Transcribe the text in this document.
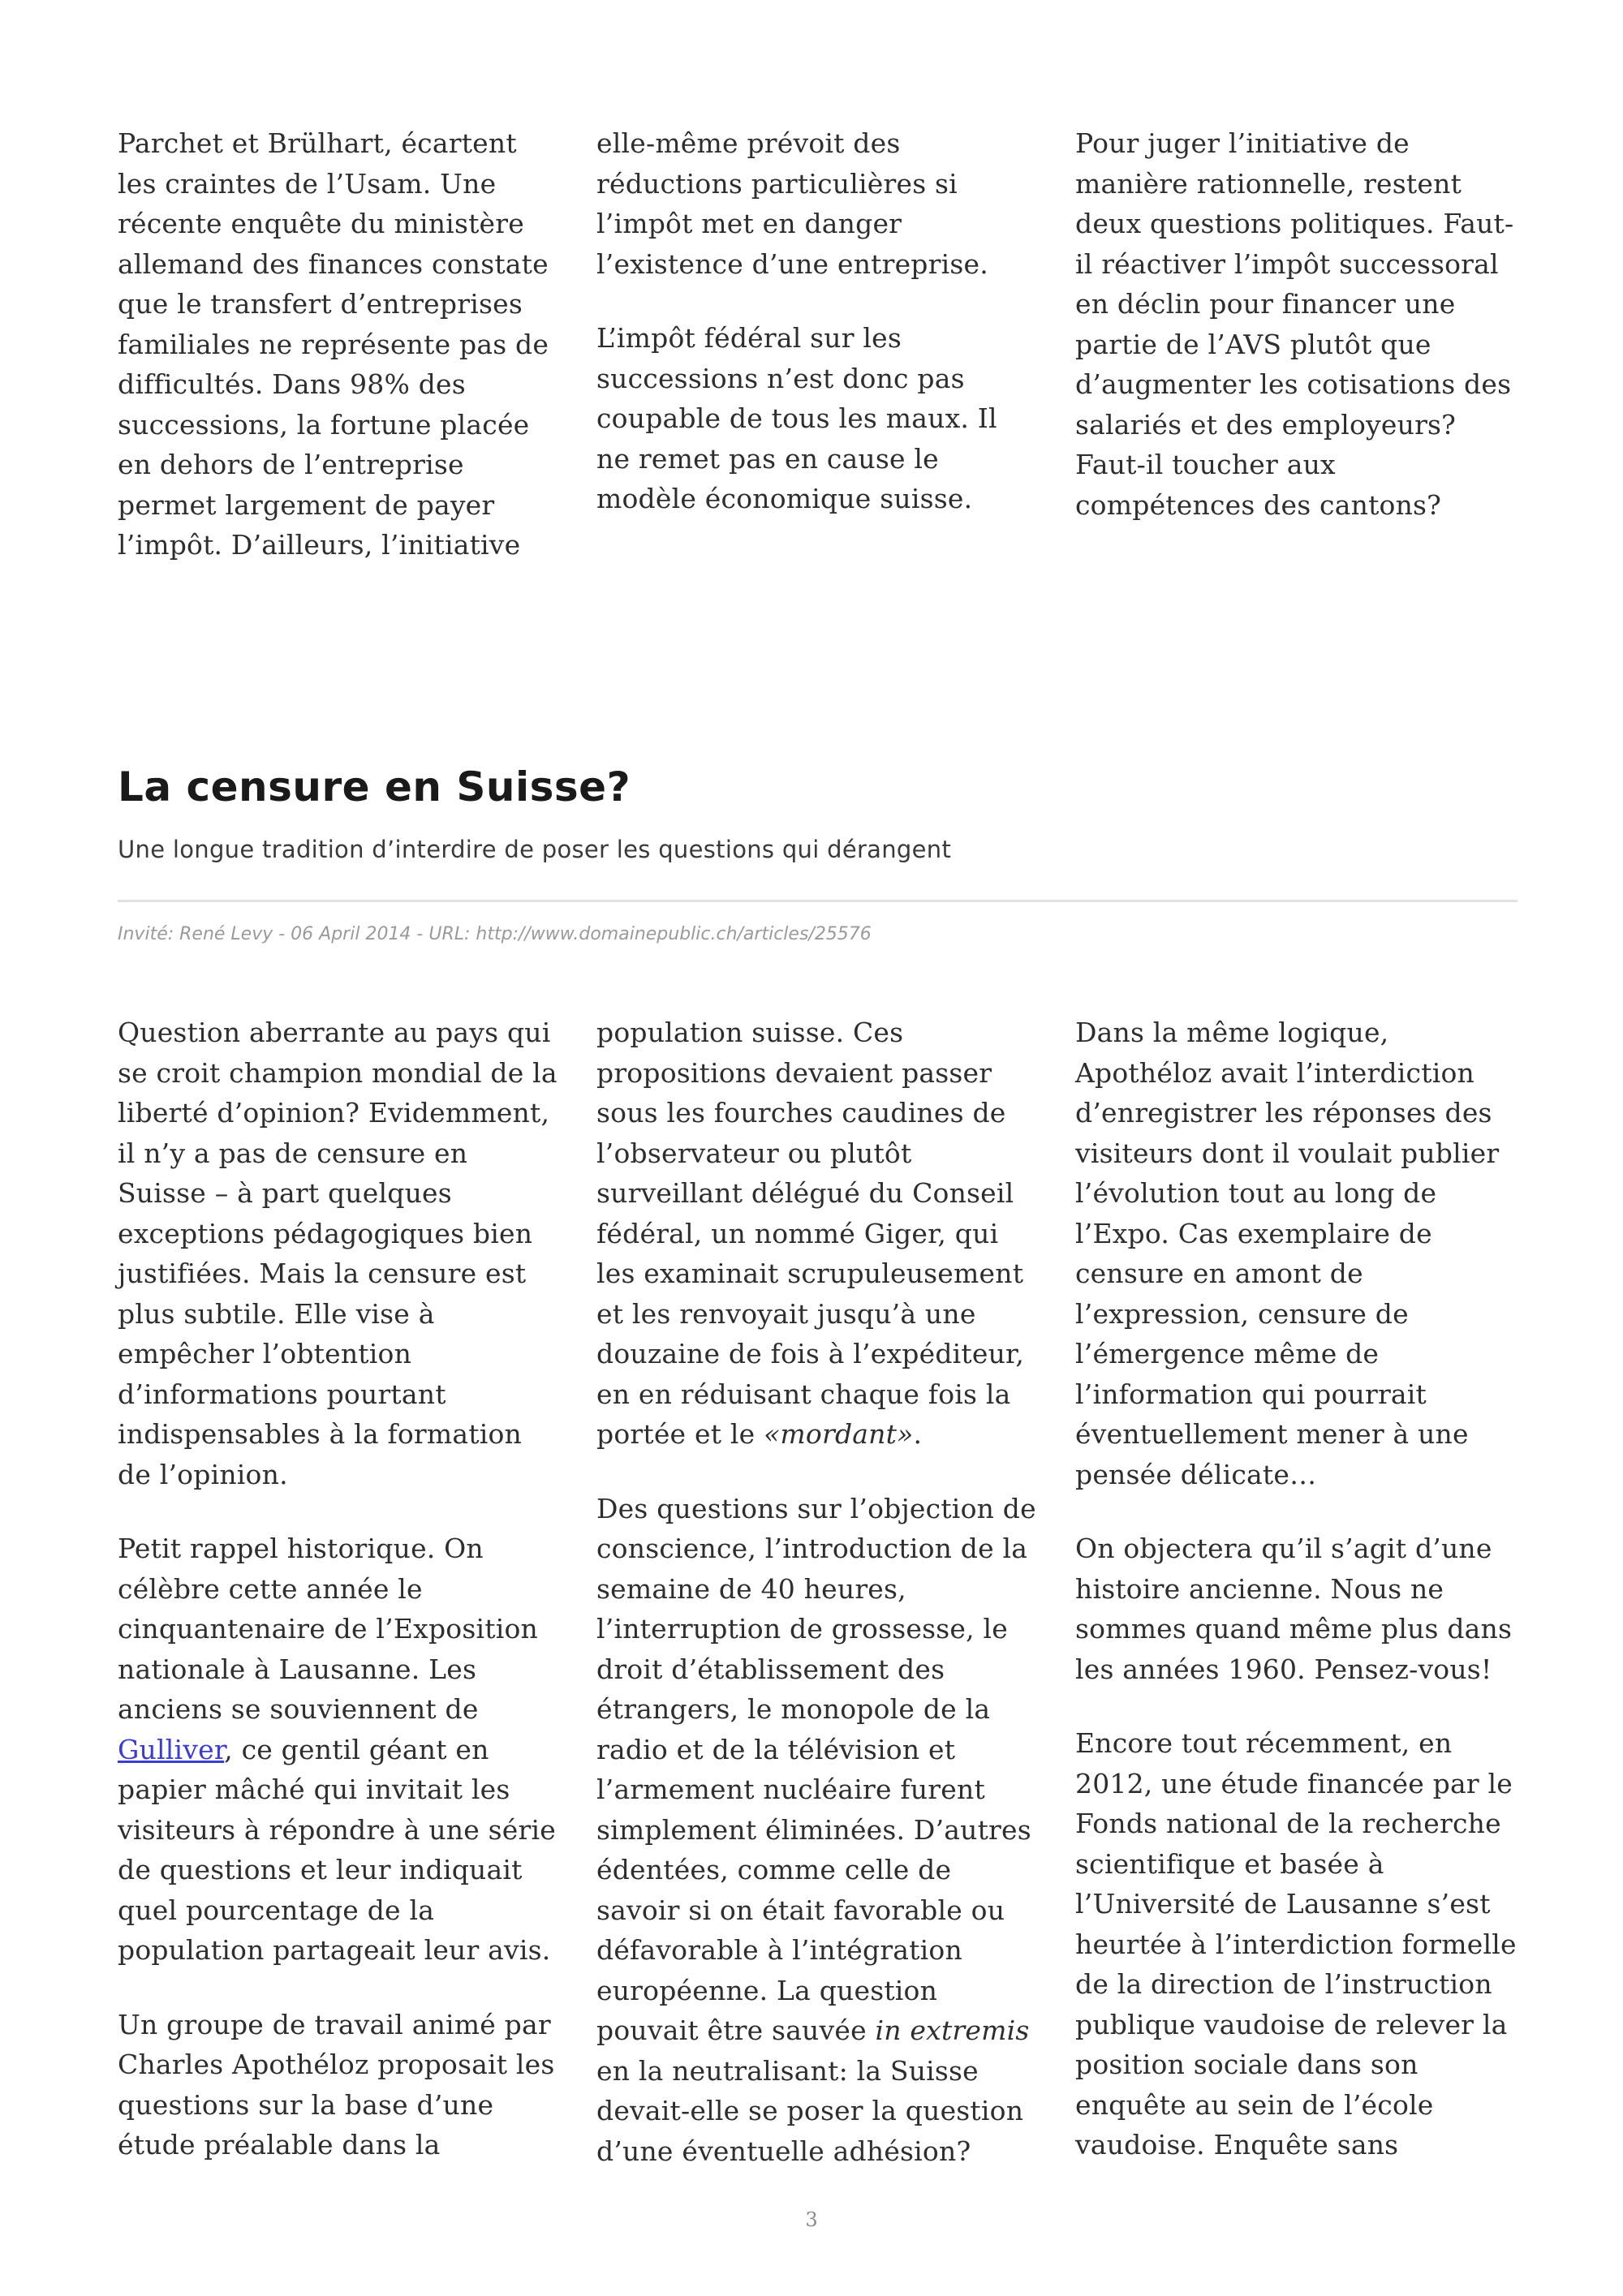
Parchet et Brülhart, écartent les craintes de l’Usam. Une récente enquête du ministère allemand des finances constate que le transfert d’entreprises familiales ne représente pas de difficultés. Dans 98% des successions, la fortune placée en dehors de l’entreprise permet largement de payer l’impôt. D’ailleurs, l’initiative

elle-même prévoit des réductions particulières si l’impôt met en danger l’existence d’une entreprise.

L’impôt fédéral sur les successions n’est donc pas coupable de tous les maux. Il ne remet pas en cause le modèle économique suisse.

Pour juger l’initiative de manière rationnelle, restent deux questions politiques. Faut-il réactiver l’impôt successoral en déclin pour financer une partie de l’AVS plutôt que d’augmenter les cotisations des salariés et des employeurs? Faut-il toucher aux compétences des cantons?

La censure en Suisse?
Une longue tradition d’interdire de poser les questions qui dérangent
Invité: René Levy - 06 April 2014 - URL: http://www.domainepublic.ch/articles/25576

Question aberrante au pays qui se croit champion mondial de la liberté d’opinion? Evidemment, il n’y a pas de censure en Suisse – à part quelques exceptions pédagogiques bien justifiées. Mais la censure est plus subtile. Elle vise à empêcher l’obtention d’informations pourtant indispensables à la formation de l’opinion.

Petit rappel historique. On célèbre cette année le cinquantenaire de l’Exposition nationale à Lausanne. Les anciens se souviennent de Gulliver, ce gentil géant en papier mâché qui invitait les visiteurs à répondre à une série de questions et leur indiquait quel pourcentage de la population partageait leur avis.

Un groupe de travail animé par Charles Apothéloz proposait les questions sur la base d’une étude préalable dans la

population suisse. Ces propositions devaient passer sous les fourches caudines de l’observateur ou plutôt surveillant délégué du Conseil fédéral, un nommé Giger, qui les examinait scrupuleusement et les renvoyait jusqu’à une douzaine de fois à l’expéditeur, en en réduisant chaque fois la portée et le «mordant».

Des questions sur l’objection de conscience, l’introduction de la semaine de 40 heures, l’interruption de grossesse, le droit d’établissement des étrangers, le monopole de la radio et de la télévision et l’armement nucléaire furent simplement éliminées. D’autres édentées, comme celle de savoir si on était favorable ou défavorable à l’intégration européenne. La question pouvait être sauvée in extremis en la neutralisant: la Suisse devait-elle se poser la question d’une éventuelle adhésion?

Dans la même logique, Apothéloz avait l’interdiction d’enregistrer les réponses des visiteurs dont il voulait publier l’évolution tout au long de l’Expo. Cas exemplaire de censure en amont de l’expression, censure de l’émergence même de l’information qui pourrait éventuellement mener à une pensée délicate…

On objectera qu’il s’agit d’une histoire ancienne. Nous ne sommes quand même plus dans les années 1960. Pensez-vous!

Encore tout récemment, en 2012, une étude financée par le Fonds national de la recherche scientifique et basée à l’Université de Lausanne s’est heurtée à l’interdiction formelle de la direction de l’instruction publique vaudoise de relever la position sociale dans son enquête au sein de l’école vaudoise. Enquête sans

3
